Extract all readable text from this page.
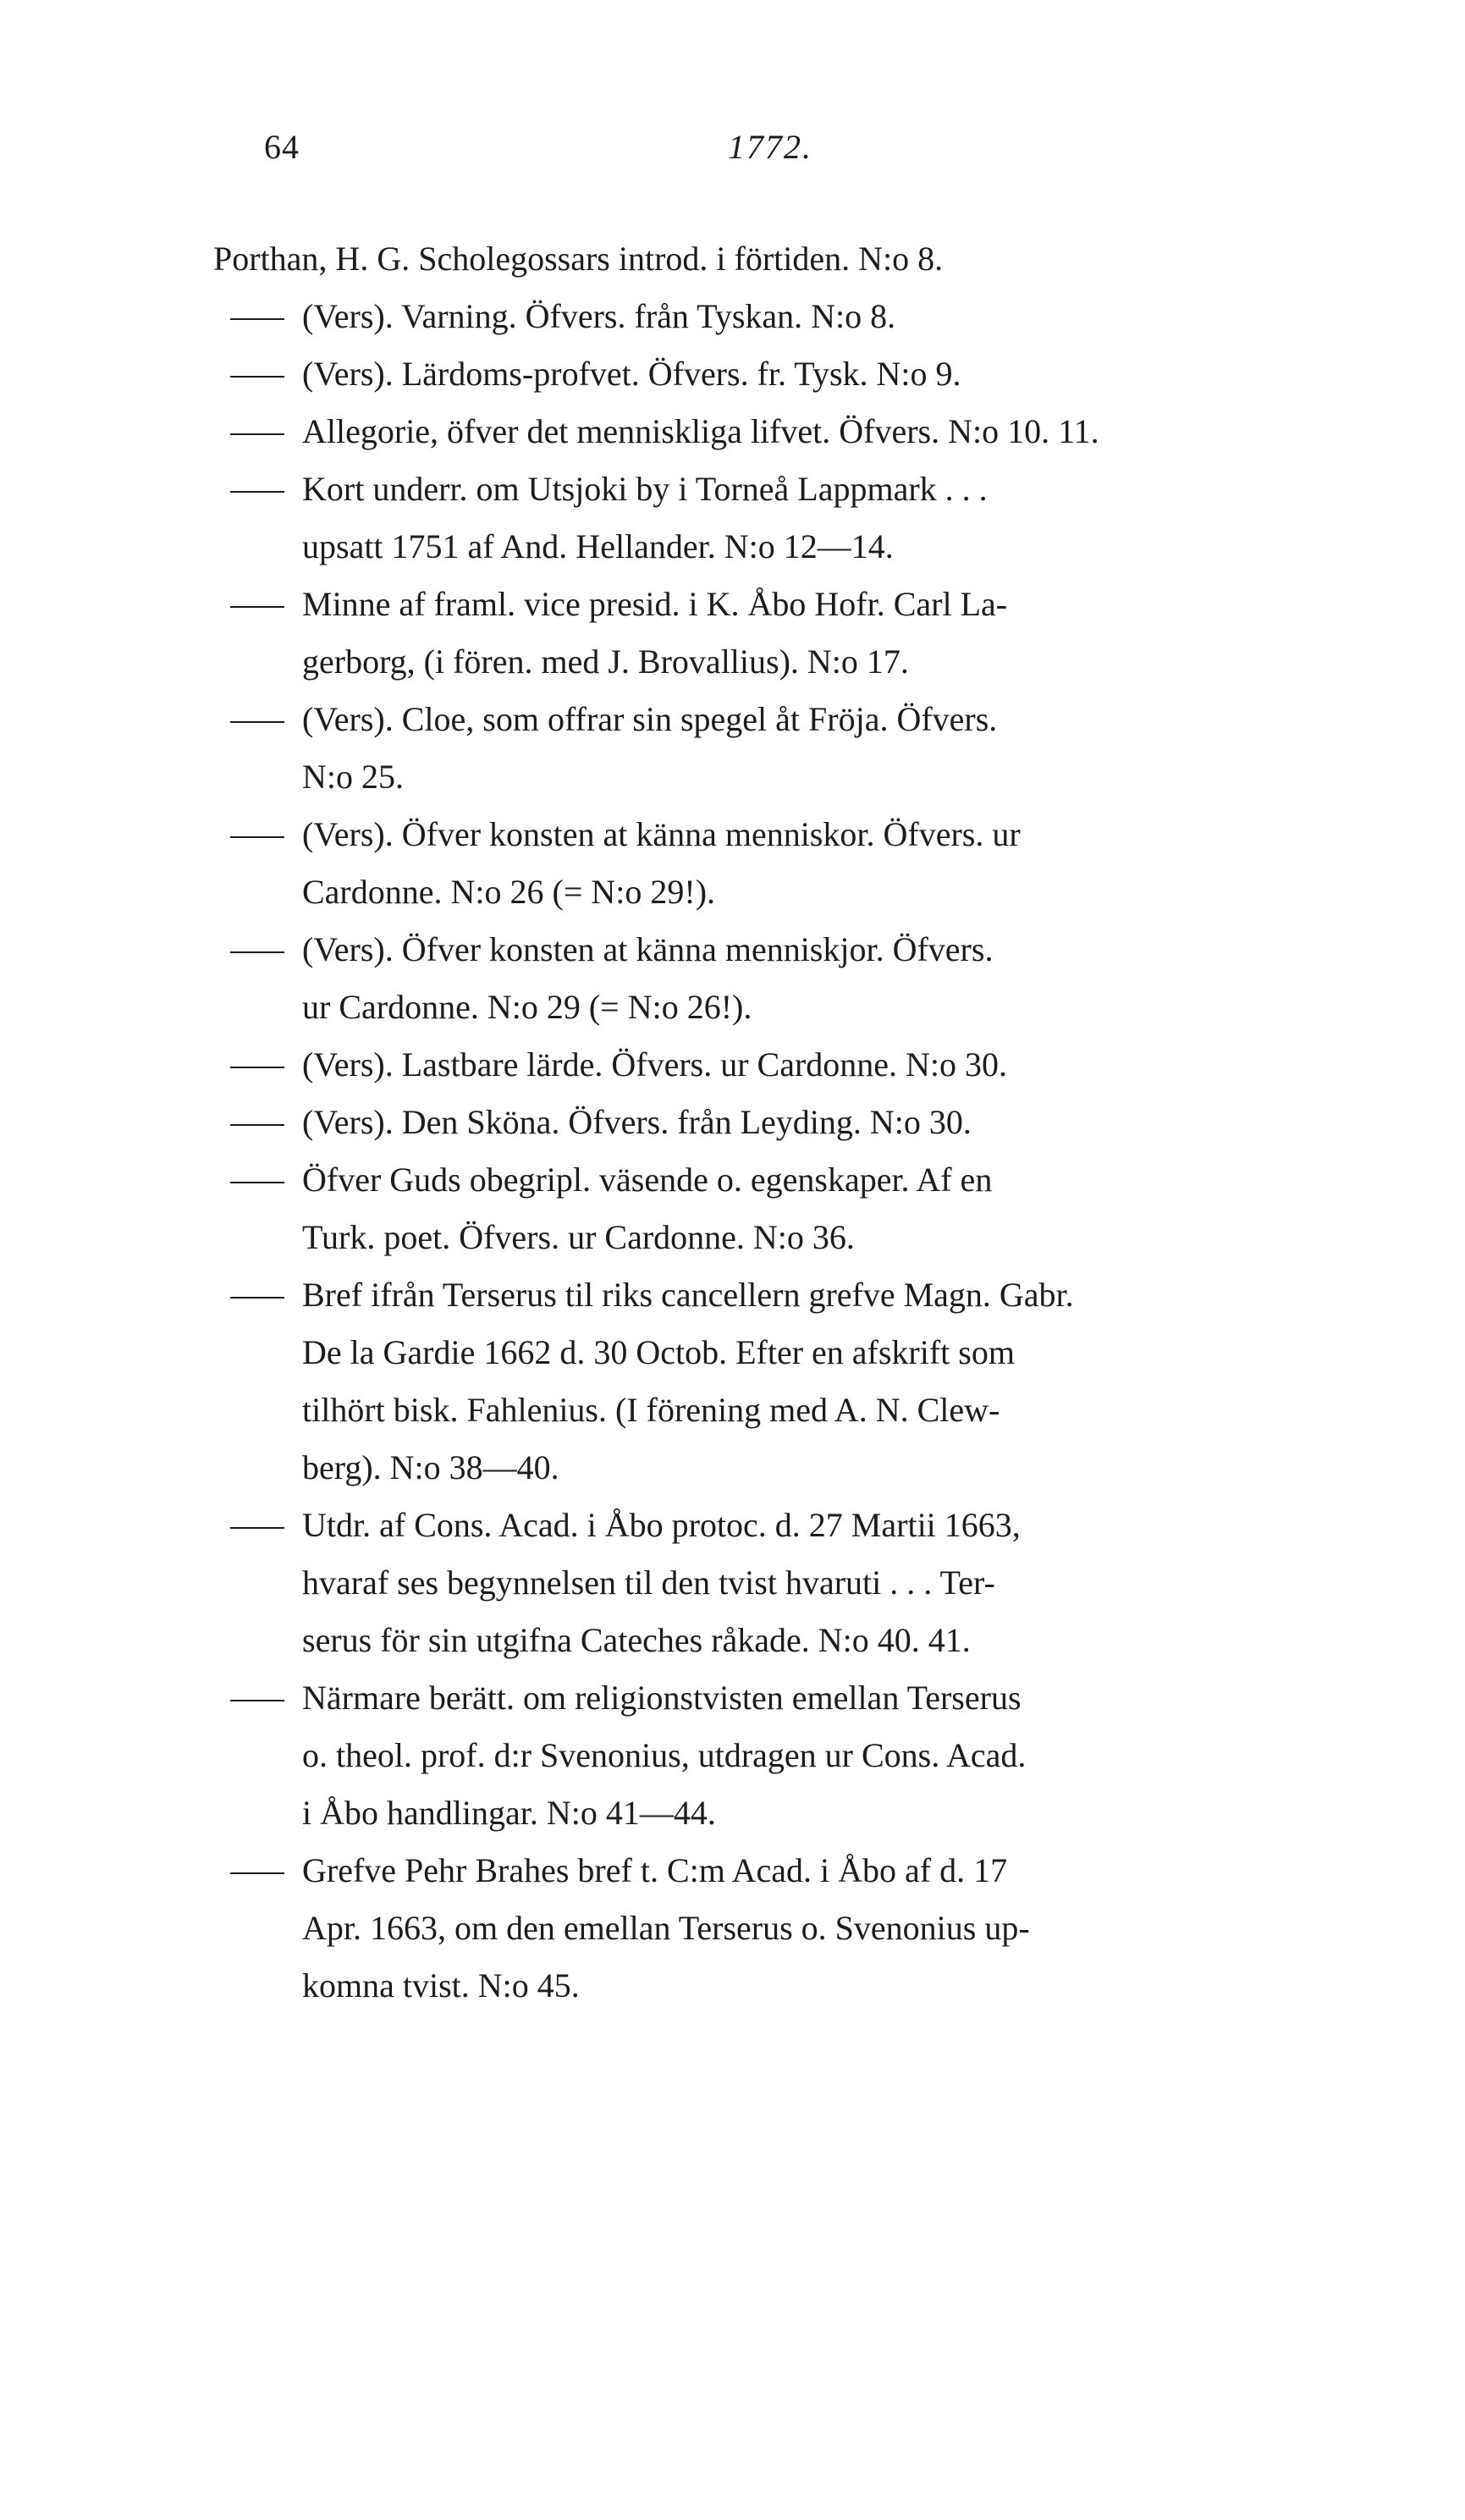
64	1772.
Porthan, H. G. Scholegossars introd. i förtiden. N:o 8.
(Vers). Varning. Öfvers. från Tyskan. N:o 8.
(Vers). Lärdoms-profvet. Öfvers. fr. Tysk. N:o 9.
Allegorie, öfver det menniskliga lifvet. Öfvers. N:o 10. 11.
Kort underr. om Utsjoki by i Torneå Lappmark . . .
upsatt 1751 af And. Hellander. N:o 12—14.
Minne af framl. vice presid. i K. Åbo Hofr. Carl La-
gerborg, (i fören. med J. Brovallius). N:o 17.
(Vers). Cloe, som offrar sin spegel åt Fröja. Öfvers.
N:o 25.
(Vers). Öfver konsten at känna menniskor. Öfvers. ur
Cardonne. N:o 26 (= N:o 29!).
(Vers). Öfver konsten at känna menniskjor. Öfvers.
ur Cardonne. N:o 29 (= N:o 26!).
(Vers). Lastbare lärde. Öfvers. ur Cardonne. N:o 30.
(Vers). Den Sköna. Öfvers. från Leyding. N:o 30.
Öfver Guds obegripl. väsende o. egenskaper. Af en
Turk. poet. Öfvers. ur Cardonne. N:o 36.
Bref ifrån Terserus til riks cancellern grefve Magn. Gabr.
De la Gardie 1662 d. 30 Octob. Efter en afskrift som
tilhört bisk. Fahlenius. (I förening med A. N. Clew-
berg). N:o 38—40.
Utdr. af Cons. Acad. i Åbo protoc. d. 27 Martii 1663,
hvaraf ses begynnelsen til den tvist hvaruti . . . Ter-
serus för sin utgifna Cateches råkade. N:o 40. 41.
Närmare berätt. om religionstvisten emellan Terserus
o. theol. prof. d:r Svenonius, utdragen ur Cons. Acad.
i Åbo handlingar. N:o 41—44.
Grefve Pehr Brahes bref t. C:m Acad. i Åbo af d. 17
Apr. 1663, om den emellan Terserus o. Svenonius up-
komna tvist. N:o 45.
